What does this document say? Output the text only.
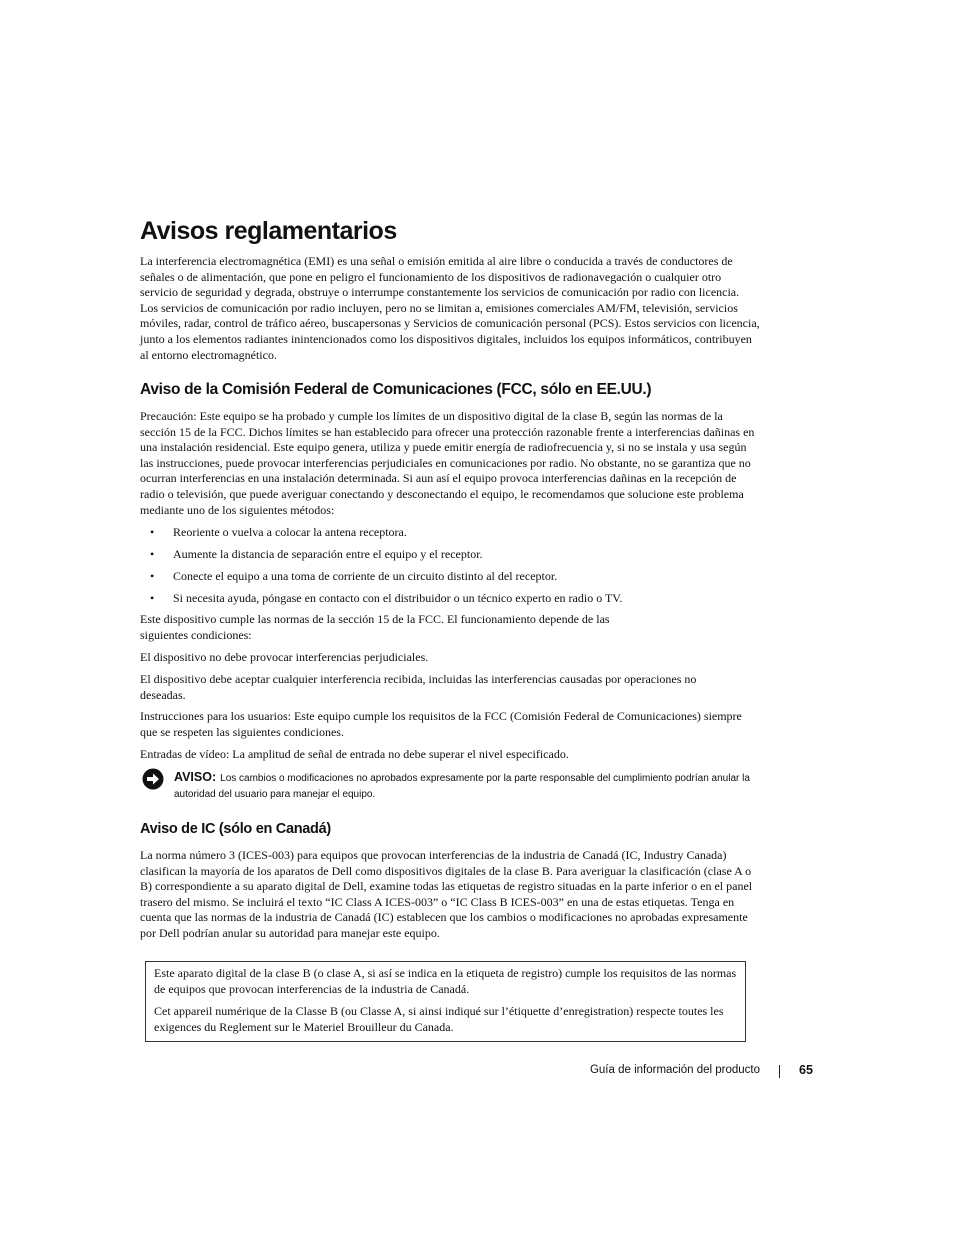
Avisos reglamentarios

La interferencia electromagnética (EMI) es una señal o emisión emitida al aire libre o conducida a través de conductores de señales o de alimentación, que pone en peligro el funcionamiento de los dispositivos de radionavegación o cualquier otro servicio de seguridad y degrada, obstruye o interrumpe constantemente los servicios de comunicación por radio con licencia. Los servicios de comunicación por radio incluyen, pero no se limitan a, emisiones comerciales AM/FM, televisión, servicios móviles, radar, control de tráfico aéreo, buscapersonas y Servicios de comunicación personal (PCS). Estos servicios con licencia, junto a los elementos radiantes inintencionados como los dispositivos digitales, incluidos los equipos informáticos, contribuyen al entorno electromagnético.

Aviso de la Comisión Federal de Comunicaciones (FCC, sólo en EE.UU.)

Precaución: Este equipo se ha probado y cumple los límites de un dispositivo digital de la clase B, según las normas de la sección 15 de la FCC. Dichos límites se han establecido para ofrecer una protección razonable frente a interferencias dañinas en una instalación residencial. Este equipo genera, utiliza y puede emitir energía de radiofrecuencia y, si no se instala y usa según las instrucciones, puede provocar interferencias perjudiciales en comunicaciones por radio. No obstante, no se garantiza que no ocurran interferencias en una instalación determinada. Si aun así el equipo provoca interferencias dañinas en la recepción de radio o televisión, que puede averiguar conectando y desconectando el equipo, le recomendamos que solucione este problema mediante uno de los siguientes métodos:

• Reoriente o vuelva a colocar la antena receptora.
• Aumente la distancia de separación entre el equipo y el receptor.
• Conecte el equipo a una toma de corriente de un circuito distinto al del receptor.
• Si necesita ayuda, póngase en contacto con el distribuidor o un técnico experto en radio o TV.

Este dispositivo cumple las normas de la sección 15 de la FCC. El funcionamiento depende de las siguientes condiciones:

El dispositivo no debe provocar interferencias perjudiciales.

El dispositivo debe aceptar cualquier interferencia recibida, incluidas las interferencias causadas por operaciones no deseadas.

Instrucciones para los usuarios: Este equipo cumple los requisitos de la FCC (Comisión Federal de Comunicaciones) siempre que se respeten las siguientes condiciones.

Entradas de vídeo: La amplitud de señal de entrada no debe superar el nivel especificado.

AVISO: Los cambios o modificaciones no aprobados expresamente por la parte responsable del cumplimiento podrían anular la autoridad del usuario para manejar el equipo.
Aviso de IC (sólo en Canadá)

La norma número 3 (ICES-003) para equipos que provocan interferencias de la industria de Canadá (IC, Industry Canada) clasifican la mayoría de los aparatos de Dell como dispositivos digitales de la clase B. Para averiguar la clasificación (clase A o B) correspondiente a su aparato digital de Dell, examine todas las etiquetas de registro situadas en la parte inferior o en el panel trasero del mismo. Se incluirá el texto “IC Class A ICES-003” o “IC Class B ICES-003” en una de estas etiquetas. Tenga en cuenta que las normas de la industria de Canadá (IC) establecen que los cambios o modificaciones no aprobadas expresamente por Dell podrían anular su autoridad para manejar este equipo.

Este aparato digital de la clase B (o clase A, si así se indica en la etiqueta de registro) cumple los requisitos de las normas de equipos que provocan interferencias de la industria de Canadá.

Cet appareil numérique de la Classe B (ou Classe A, si ainsi indiqué sur l’étiquette d’enregistration) respecte toutes les exigences du Reglement sur le Materiel Brouilleur du Canada.

Guía de información del producto	65
